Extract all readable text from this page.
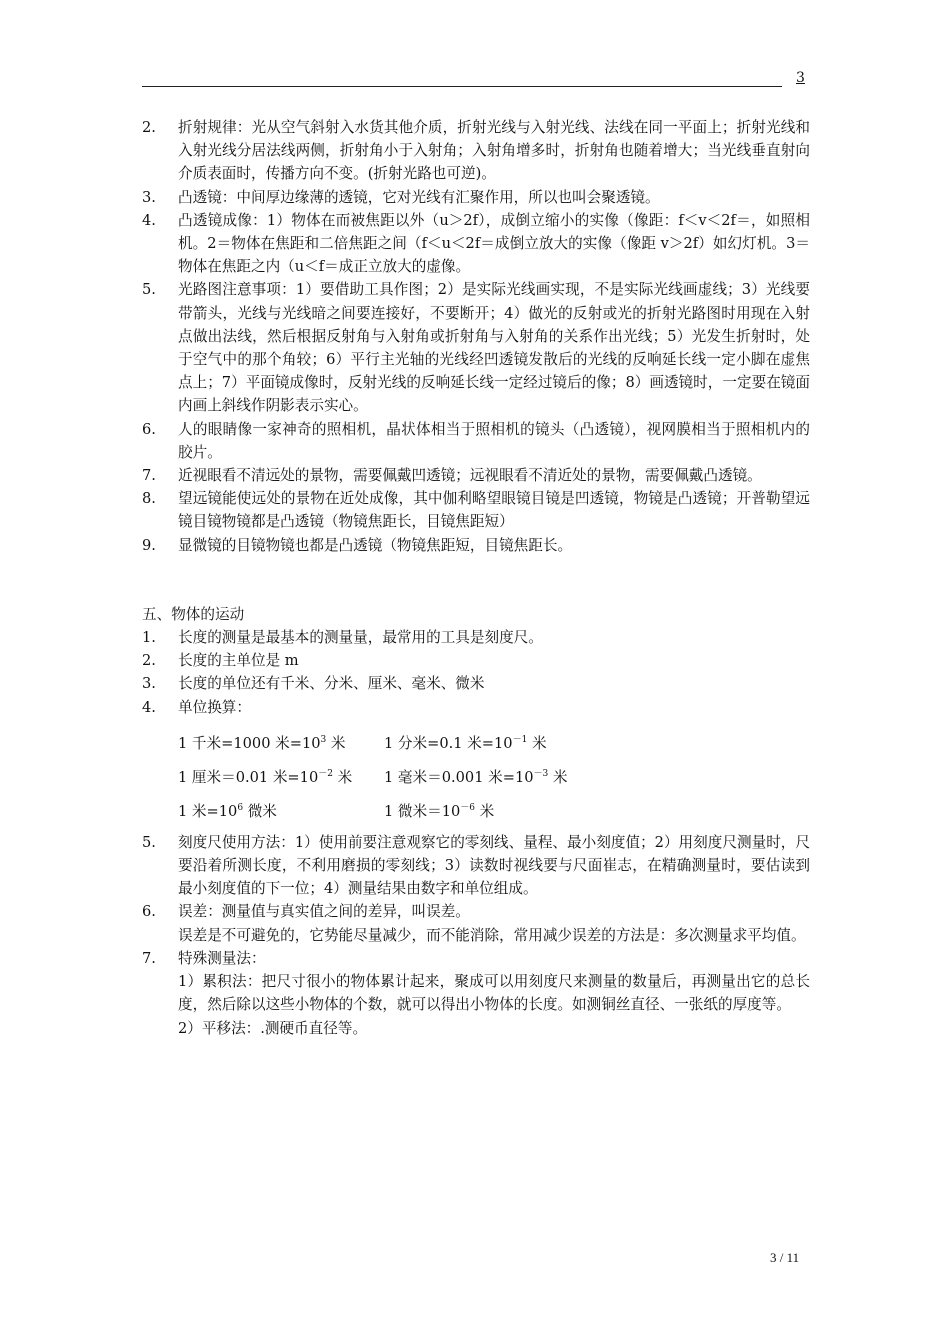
3
2.	折射规律：光从空气斜射入水货其他介质，折射光线与入射光线、法线在同一平面上；折射光线和入射光线分居法线两侧，折射角小于入射角；入射角增多时，折射角也随着增大；当光线垂直射向介质表面时，传播方向不变。(折射光路也可逆)。
3.	凸透镜：中间厚边缘薄的透镜，它对光线有汇聚作用，所以也叫会聚透镜。
4.	凸透镜成像：1）物体在而被焦距以外（u＞2f），成倒立缩小的实像（像距：f＜v＜2f＝，如照相机。2＝物体在焦距和二倍焦距之间（f＜u＜2f＝成倒立放大的实像（像距 v＞2f）如幻灯机。3＝物体在焦距之内（u＜f＝成正立放大的虚像。
5.	光路图注意事项：1）要借助工具作图；2）是实际光线画实现，不是实际光线画虚线；3）光线要带箭头，光线与光线暗之间要连接好，不要断开；4）做光的反射或光的折射光路图时用现在入射点做出法线，然后根据反射角与入射角或折射角与入射角的关系作出光线；5）光发生折射时，处于空气中的那个角较；6）平行主光轴的光线经凹透镜发散后的光线的反响延长线一定小脚在虚焦点上；7）平面镜成像时，反射光线的反响延长线一定经过镜后的像；8）画透镜时，一定要在镜面内画上斜线作阴影表示实心。
6.	人的眼睛像一家神奇的照相机，晶状体相当于照相机的镜头（凸透镜），视网膜相当于照相机内的胶片。
7.	近视眼看不清远处的景物，需要佩戴凹透镜；远视眼看不清近处的景物，需要佩戴凸透镜。
8.	望远镜能使远处的景物在近处成像，其中伽利略望眼镜目镜是凹透镜，物镜是凸透镜；开普勒望远镜目镜物镜都是凸透镜（物镜焦距长，目镜焦距短）
9.	显微镜的目镜物镜也都是凸透镜（物镜焦距短，目镜焦距长。
五、物体的运动
1.	长度的测量是最基本的测量量，最常用的工具是刻度尺。
2.	长度的主单位是 m
3.	长度的单位还有千米、分米、厘米、毫米、微米
4.	单位换算：
1 千米=1000 米$=10^3$ 米	1 分米=0.1 米$=10^{-1}$ 米
1 厘米＝0.01 米$=10^{-2}$ 米	1 毫米＝0.001 米$=10^{-3}$ 米
1 米$=10^6$ 微米	1 微米$=10^{-6}$ 米
5.	刻度尺使用方法：1）使用前要注意观察它的零刻线、量程、最小刻度值；2）用刻度尺测量时，尺要沿着所测长度，不利用磨损的零刻线；3）读数时视线要与尺面崔志，在精确测量时，要估读到最小刻度值的下一位；4）测量结果由数字和单位组成。
6.	误差：测量值与真实值之间的差异，叫误差。
误差是不可避免的，它势能尽量减少，而不能消除，常用减少误差的方法是：多次测量求平均值。
7.	特殊测量法：
1）累积法：把尺寸很小的物体累计起来，聚成可以用刻度尺来测量的数量后，再测量出它的总长度，然后除以这些小物体的个数，就可以得出小物体的长度。如测铜丝直径、一张纸的厚度等。
2）平移法：.测硬币直径等。
3 / 11
